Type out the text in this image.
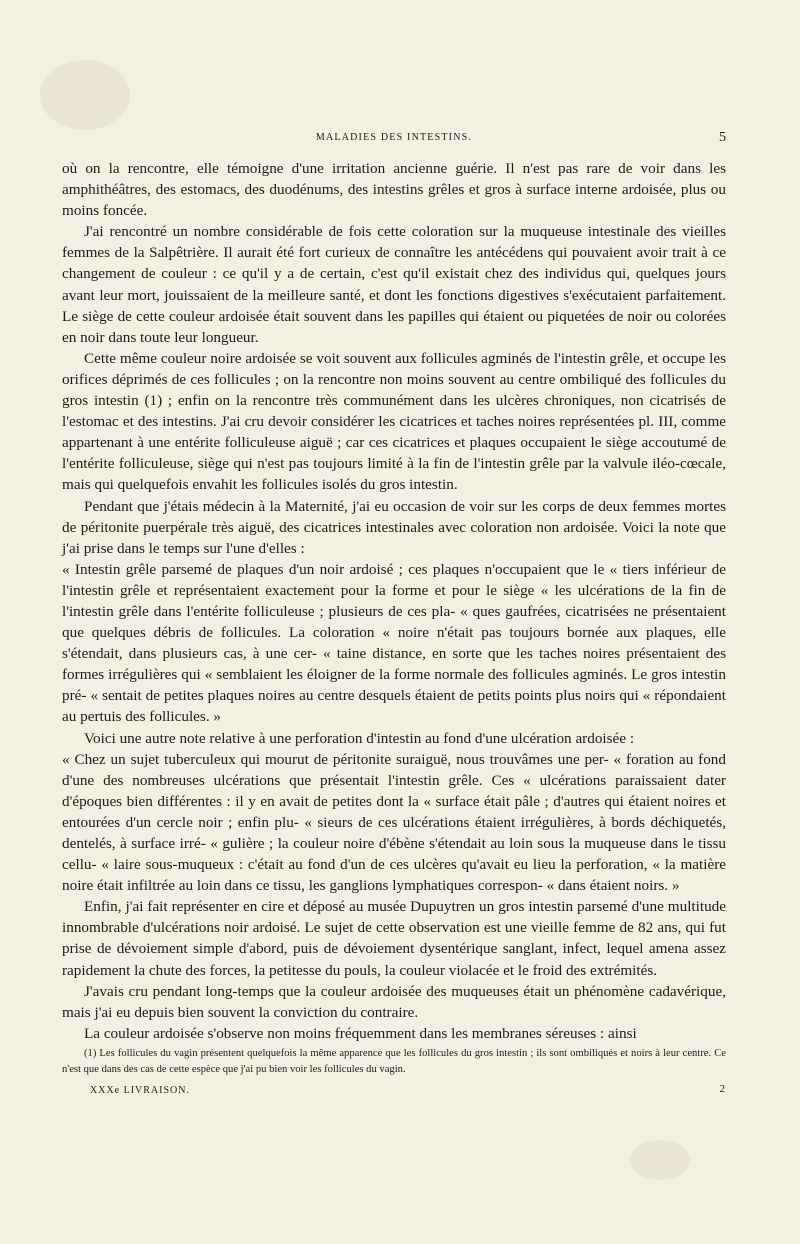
MALADIES DES INTESTINS.	5

où on la rencontre, elle témoigne d'une irritation ancienne guérie. Il n'est pas rare de voir dans les amphithéâtres, des estomacs, des duodénums, des intestins grêles et gros à surface interne ardoisée, plus ou moins foncée.

J'ai rencontré un nombre considérable de fois cette coloration sur la muqueuse intestinale des vieilles femmes de la Salpêtrière. Il aurait été fort curieux de connaître les antécédens qui pouvaient avoir trait à ce changement de couleur : ce qu'il y a de certain, c'est qu'il existait chez des individus qui, quelques jours avant leur mort, jouissaient de la meilleure santé, et dont les fonctions digestives s'exécutaient parfaitement. Le siège de cette couleur ardoisée était souvent dans les papilles qui étaient ou piquetées de noir ou colorées en noir dans toute leur longueur.

Cette même couleur noire ardoisée se voit souvent aux follicules agminés de l'intestin grêle, et occupe les orifices déprimés de ces follicules ; on la rencontre non moins souvent au centre ombiliqué des follicules du gros intestin (1) ; enfin on la rencontre très communément dans les ulcères chroniques, non cicatrisés de l'estomac et des intestins. J'ai cru devoir considérer les cicatrices et taches noires représentées pl. III, comme appartenant à une entérite folliculeuse aiguë ; car ces cicatrices et plaques occupaient le siège accoutumé de l'entérite folliculeuse, siège qui n'est pas toujours limité à la fin de l'intestin grêle par la valvule iléo-cœcale, mais qui quelquefois envahit les follicules isolés du gros intestin.

Pendant que j'étais médecin à la Maternité, j'ai eu occasion de voir sur les corps de deux femmes mortes de péritonite puerpérale très aiguë, des cicatrices intestinales avec coloration non ardoisée. Voici la note que j'ai prise dans le temps sur l'une d'elles :

« Intestin grêle parsemé de plaques d'un noir ardoisé ; ces plaques n'occupaient que le « tiers inférieur de l'intestin grêle et représentaient exactement pour la forme et pour le siège « les ulcérations de la fin de l'intestin grêle dans l'entérite folliculeuse ; plusieurs de ces pla- « ques gaufrées, cicatrisées ne présentaient que quelques débris de follicules. La coloration « noire n'était pas toujours bornée aux plaques, elle s'étendait, dans plusieurs cas, à une cer- « taine distance, en sorte que les taches noires présentaient des formes irrégulières qui « semblaient les éloigner de la forme normale des follicules agminés. Le gros intestin pré- « sentait de petites plaques noires au centre desquels étaient de petits points plus noirs qui « répondaient au pertuis des follicules. »

Voici une autre note relative à une perforation d'intestin au fond d'une ulcération ardoisée :

« Chez un sujet tuberculeux qui mourut de péritonite suraiguë, nous trouvâmes une per- « foration au fond d'une des nombreuses ulcérations que présentait l'intestin grêle. Ces « ulcérations paraissaient dater d'époques bien différentes : il y en avait de petites dont la « surface était pâle ; d'autres qui étaient noires et entourées d'un cercle noir ; enfin plu- « sieurs de ces ulcérations étaient irrégulières, à bords déchiquetés, dentelés, à surface irré- « gulière ; la couleur noire d'ébène s'étendait au loin sous la muqueuse dans le tissu cellu- « laire sous-muqueux : c'était au fond d'un de ces ulcères qu'avait eu lieu la perforation, « la matière noire était infiltrée au loin dans ce tissu, les ganglions lymphatiques correspon- « dans étaient noirs. »

Enfin, j'ai fait représenter en cire et déposé au musée Dupuytren un gros intestin parsemé d'une multitude innombrable d'ulcérations noir ardoisé. Le sujet de cette observation est une vieille femme de 82 ans, qui fut prise de dévoiement simple d'abord, puis de dévoiement dysentérique sanglant, infect, lequel amena assez rapidement la chute des forces, la petitesse du pouls, la couleur violacée et le froid des extrémités.

J'avais cru pendant long-temps que la couleur ardoisée des muqueuses était un phénomène cadavérique, mais j'ai eu depuis bien souvent la conviction du contraire.

La couleur ardoisée s'observe non moins fréquemment dans les membranes séreuses : ainsi

(1) Les follicules du vagin présentent quelquefois la même apparence que les follicules du gros intestin ; ils sont ombiliqués et noirs à leur centre. Ce n'est que dans des cas de cette espèce que j'ai pu bien voir les follicules du vagin.
XXXe LIVRAISON.	2
